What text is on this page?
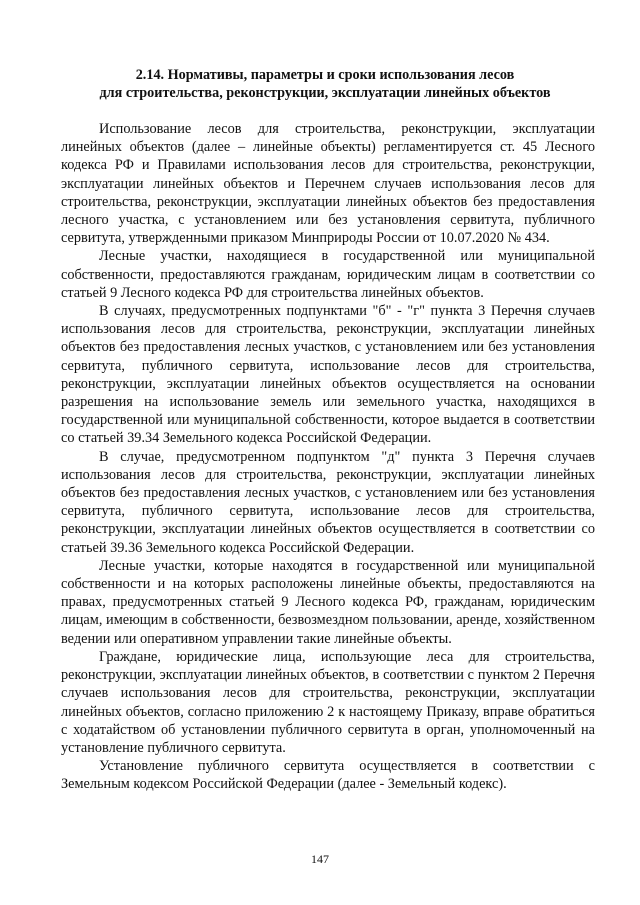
2.14. Нормативы, параметры и сроки использования лесов
для строительства, реконструкции, эксплуатации линейных объектов

Использование лесов для строительства, реконструкции, эксплуатации линейных объектов (далее – линейные объекты) регламентируется ст. 45 Лесного кодекса РФ и Правилами использования лесов для строительства, реконструкции, эксплуатации линейных объектов и Перечнем случаев использования лесов для строительства, реконструкции, эксплуатации линейных объектов без предоставления лесного участка, с установлением или без установления сервитута, публичного сервитута, утвержденными приказом Минприроды России от 10.07.2020 № 434.

Лесные участки, находящиеся в государственной или муниципальной собственности, предоставляются гражданам, юридическим лицам в соответствии со статьей 9 Лесного кодекса РФ для строительства линейных объектов.

В случаях, предусмотренных подпунктами "б" - "г" пункта 3 Перечня случаев использования лесов для строительства, реконструкции, эксплуатации линейных объектов без предоставления лесных участков, с установлением или без установления сервитута, публичного сервитута, использование лесов для строительства, реконструкции, эксплуатации линейных объектов осуществляется на основании разрешения на использование земель или земельного участка, находящихся в государственной или муниципальной собственности, которое выдается в соответствии со статьей 39.34 Земельного кодекса Российской Федерации.

В случае, предусмотренном подпунктом "д" пункта 3 Перечня случаев использования лесов для строительства, реконструкции, эксплуатации линейных объектов без предоставления лесных участков, с установлением или без установления сервитута, публичного сервитута, использование лесов для строительства, реконструкции, эксплуатации линейных объектов осуществляется в соответствии со статьей 39.36 Земельного кодекса Российской Федерации.

Лесные участки, которые находятся в государственной или муниципальной собственности и на которых расположены линейные объекты, предоставляются на правах, предусмотренных статьей 9 Лесного кодекса РФ, гражданам, юридическим лицам, имеющим в собственности, безвозмездном пользовании, аренде, хозяйственном ведении или оперативном управлении такие линейные объекты.

Граждане, юридические лица, использующие леса для строительства, реконструкции, эксплуатации линейных объектов, в соответствии с пунктом 2 Перечня случаев использования лесов для строительства, реконструкции, эксплуатации линейных объектов, согласно приложению 2 к настоящему Приказу, вправе обратиться с ходатайством об установлении публичного сервитута в орган, уполномоченный на установление публичного сервитута.

Установление публичного сервитута осуществляется в соответствии с Земельным кодексом Российской Федерации (далее - Земельный кодекс).

147
